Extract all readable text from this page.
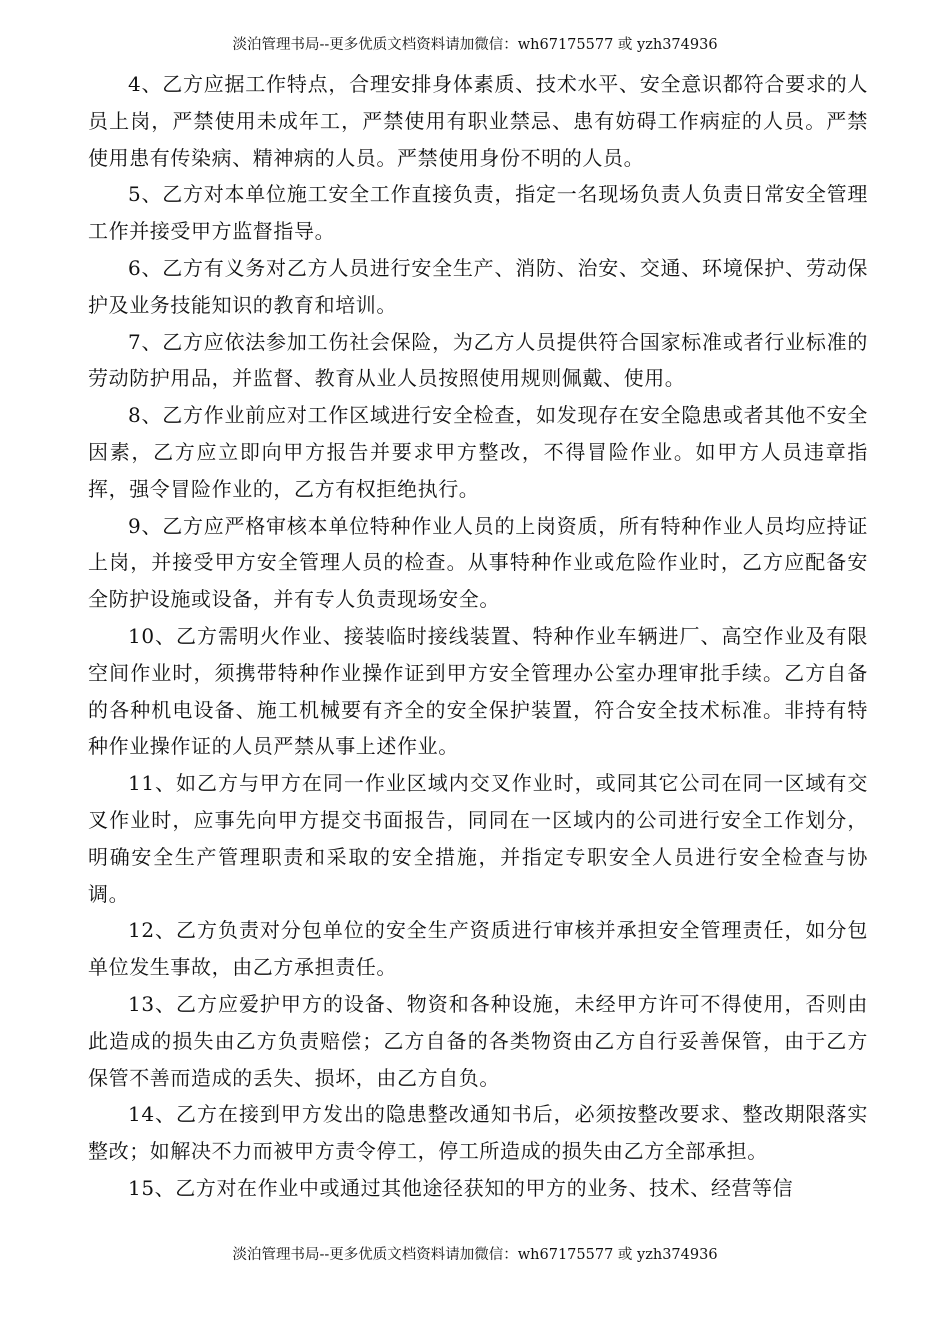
淡泊管理书局--更多优质文档资料请加微信：wh67175577 或 yzh374936

4、乙方应据工作特点，合理安排身体素质、技术水平、安全意识都符合要求的人员上岗，严禁使用未成年工，严禁使用有职业禁忌、患有妨碍工作病症的人员。严禁使用患有传染病、精神病的人员。严禁使用身份不明的人员。

5、乙方对本单位施工安全工作直接负责，指定一名现场负责人负责日常安全管理工作并接受甲方监督指导。

6、乙方有义务对乙方人员进行安全生产、消防、治安、交通、环境保护、劳动保护及业务技能知识的教育和培训。

7、乙方应依法参加工伤社会保险，为乙方人员提供符合国家标准或者行业标准的劳动防护用品，并监督、教育从业人员按照使用规则佩戴、使用。

8、乙方作业前应对工作区域进行安全检查，如发现存在安全隐患或者其他不安全因素，乙方应立即向甲方报告并要求甲方整改，不得冒险作业。如甲方人员违章指挥，强令冒险作业的，乙方有权拒绝执行。

9、乙方应严格审核本单位特种作业人员的上岗资质，所有特种作业人员均应持证上岗，并接受甲方安全管理人员的检查。从事特种作业或危险作业时，乙方应配备安全防护设施或设备，并有专人负责现场安全。

10、乙方需明火作业、接装临时接线装置、特种作业车辆进厂、高空作业及有限空间作业时，须携带特种作业操作证到甲方安全管理办公室办理审批手续。乙方自备的各种机电设备、施工机械要有齐全的安全保护装置，符合安全技术标准。非持有特种作业操作证的人员严禁从事上述作业。

11、如乙方与甲方在同一作业区域内交叉作业时，或同其它公司在同一区域有交叉作业时，应事先向甲方提交书面报告，同同在一区域内的公司进行安全工作划分，明确安全生产管理职责和采取的安全措施，并指定专职安全人员进行安全检查与协调。

12、乙方负责对分包单位的安全生产资质进行审核并承担安全管理责任，如分包单位发生事故，由乙方承担责任。

13、乙方应爱护甲方的设备、物资和各种设施，未经甲方许可不得使用，否则由此造成的损失由乙方负责赔偿；乙方自备的各类物资由乙方自行妥善保管，由于乙方保管不善而造成的丢失、损坏，由乙方自负。

14、乙方在接到甲方发出的隐患整改通知书后，必须按整改要求、整改期限落实整改；如解决不力而被甲方责令停工，停工所造成的损失由乙方全部承担。

15、乙方对在作业中或通过其他途径获知的甲方的业务、技术、经营等信

淡泊管理书局--更多优质文档资料请加微信：wh67175577 或 yzh374936
